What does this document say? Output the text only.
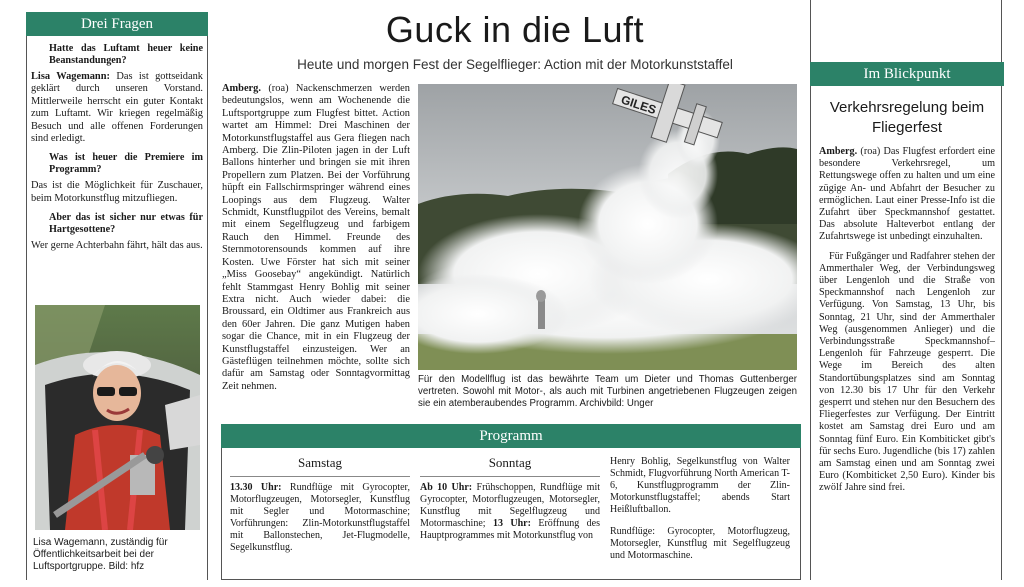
Drei Fragen
Hatte das Luftamt heuer keine Beanstandungen?
Lisa Wagemann: Das ist gottseidank geklärt durch unseren Vorstand. Mittlerweile herrscht ein guter Kontakt zum Luftamt. Wir kriegen regelmäßig Besuch und alle offenen Forderungen sind erledigt.
Was ist heuer die Premiere im Programm?
Das ist die Möglichkeit für Zuschauer, beim Motorkunstflug mitzufliegen.
Aber das ist sicher nur etwas für Hartgesottene?
Wer gerne Achterbahn fährt, hält das aus.
Lisa Wagemann, zuständig für Öffentlichkeitsarbeit bei der Luftsportgruppe. Bild: hfz
Guck in die Luft
Heute und morgen Fest der Segelflieger: Action mit der Motorkunststaffel
Amberg. (roa) Nackenschmerzen werden bedeutungslos, wenn am Wochenende die Luftsportgruppe zum Flugfest bittet. Action wartet am Himmel: Drei Maschinen der Motorkunstflugstaffel aus Gera fliegen nach Amberg. Die Zlin-Piloten jagen in der Luft Ballons hinterher und bringen sie mit ihren Propellern zum Platzen. Bei der Vorführung hüpft ein Fallschirmspringer während eines Loopings aus dem Flugzeug. Walter Schmidt, Kunstflugpilot des Vereins, bemalt mit einem Segelflugzeug und farbigem Rauch den Himmel. Freunde des Sternmotorensounds kommen auf ihre Kosten. Uwe Förster hat sich mit seiner „Miss Goosebay“ angekündigt. Natürlich fehlt Stammgast Henry Bohlig mit seiner Extra nicht. Auch wieder dabei: die Broussard, ein Oldtimer aus Frankreich aus den 60er Jahren. Die ganz Mutigen haben sogar die Chance, mit in ein Flugzeug der Kunstflugstaffel einzusteigen. Wer an Gästeflügen teilnehmen möchte, sollte sich dafür am Samstag oder Sonntagvormittag Zeit nehmen.
GILES
Für den Modellflug ist das bewährte Team um Dieter und Thomas Guttenberger vertreten. Sowohl mit Motor-, als auch mit Turbinen angetriebenen Flugzeugen zeigen sie ein atemberaubendes Programm. Archivbild: Unger
Programm
Samstag
13.30 Uhr: Rundflüge mit Gyrocopter, Motorflugzeugen, Motorsegler, Kunstflug mit Segler und Motormaschine; Vorführungen: Zlin-Motorkunstflugstaffel mit Ballonstechen, Jet-Flugmodelle, Segelkunstflug.
Sonntag
Ab 10 Uhr: Frühschoppen, Rundflüge mit Gyrocopter, Motorflugzeugen, Motorsegler, Kunstflug mit Segelflugzeug und Motormaschine; 13 Uhr: Eröffnung des Hauptprogrammes mit Motorkunstflug von
Henry Bohlig, Segelkunstflug von Walter Schmidt, Flugvorführung North American T-6, Kunstflugprogramm der Zlin-Motorkunstflugstaffel; abends Start Heißluftballon.
Rundflüge: Gyrocopter, Motorflugzeug, Motorsegler, Kunstflug mit Segelflugzeug und Motormaschine.
Im Blickpunkt
Verkehrsregelung beim Fliegerfest

Amberg. (roa) Das Flugfest erfordert eine besondere Verkehrsregel, um Rettungswege offen zu halten und um eine zügige An- und Abfahrt der Besucher zu ermöglichen. Laut einer Presse-Info ist die Zufahrt über Speckmannshof gestattet. Das absolute Halteverbot entlang der Zufahrtswege ist unbedingt einzuhalten.

Für Fußgänger und Radfahrer stehen der Ammerthaler Weg, der Verbindungsweg über Lengenloh und die Straße von Speckmannshof nach Lengenloh zur Verfügung. Von Samstag, 13 Uhr, bis Sonntag, 21 Uhr, sind der Ammerthaler Weg (ausgenommen Anlieger) und die Verbindungsstraße Speckmannshof–Lengenloh für Fahrzeuge gesperrt. Die Wege im Bereich des alten Standortübungsplatzes sind am Sonntag von 12.30 bis 17 Uhr für den Verkehr gesperrt und stehen nur den Besuchern des Fliegerfestes zur Verfügung. Der Eintritt kostet am Samstag drei Euro und am Sonntag fünf Euro. Ein Kombiticket gibt's für sechs Euro. Jugendliche (bis 17) zahlen am Samstag einen und am Sonntag zwei Euro (Kombiticket 2,50 Euro). Kinder bis zwölf Jahre sind frei.
